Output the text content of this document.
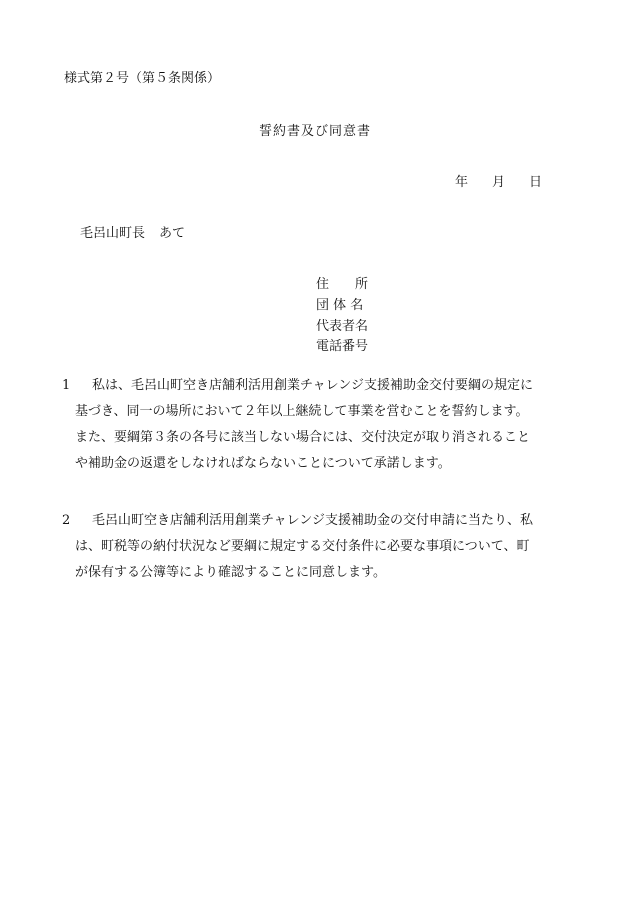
様式第２号（第５条関係）
誓約書及び同意書
年 月 日
毛呂山町長 あて
住　　所
団 体 名
代表者名
電話番号
1 私は、毛呂山町空き店舗利活用創業チャレンジ支援補助金交付要綱の規定に
基づき、同一の場所において２年以上継続して事業を営むことを誓約します。
また、要綱第３条の各号に該当しない場合には、交付決定が取り消されること
や補助金の返還をしなければならないことについて承諾します。
2 毛呂山町空き店舗利活用創業チャレンジ支援補助金の交付申請に当たり、私
は、町税等の納付状況など要綱に規定する交付条件に必要な事項について、町
が保有する公簿等により確認することに同意します。
